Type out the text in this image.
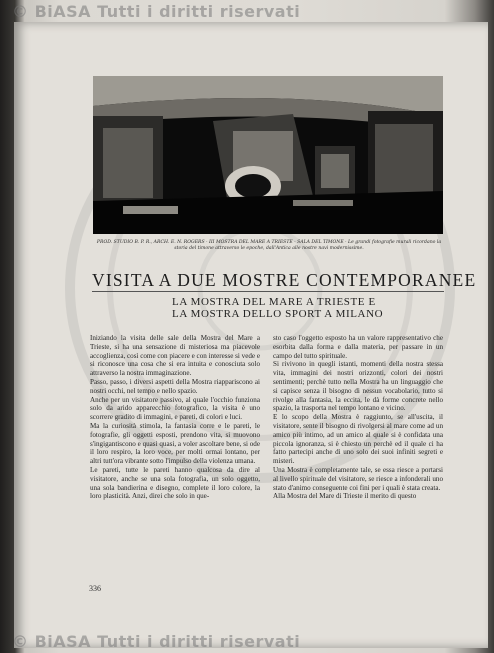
© BiASA Tutti i diritti riservati
PROD. STUDIO B. P. R., ARCH. E. N. ROGERS · III MOSTRA DEL MARE A TRIESTE · SALA DEL TIMONE · Le grandi fotografie murali ricordano la storia del timone attraverso le epoche, dall'Antica alle nostre navi modernissime.
VISITA A DUE MOSTRE CONTEMPORANEE
LA MOSTRA DEL MARE A TRIESTE E
LA MOSTRA DELLO SPORT A MILANO

Iniziando la visita delle sale della Mostra del Mare a Trieste, si ha una sensazione di misteriosa ma piacevole accoglienza, così come con piacere e con interesse si vede e si riconosce una cosa che si era intuita e conosciuta solo attraverso la nostra immaginazione.

Passo, passo, i diversi aspetti della Mostra riappariscono ai nostri occhi, nel tempo e nello spazio.

Anche per un visitatore passivo, al quale l'occhio funziona solo da arido apparecchio fotografico, la visita è uno scorrere gradito di immagini, e pareti, di colori e luci.

Ma la curiosità stimola, la fantasia corre e le pareti, le fotografie, gli oggetti esposti, prendono vita, si muovono s'ingigantiscono e quasi quasi, a voler ascoltare bene, si ode il loro respiro, la loro voce, per molti ormai lontano, per altri tutt'ora vibrante sotto l'impulso della violenza umana.

Le pareti, tutte le pareti hanno qualcosa da dire al visitatore, anche se una sola fotografia, un solo oggetto, una sola bandierina e disegno, complete il loro colore, la loro plasticità. Anzi, direi che solo in que-

sto caso l'oggetto esposto ha un valore rappresentativo che esorbita dalla forma e dalla materia, per passare in un campo del tutto spirituale.

Si rivivono in quegli istanti, momenti della nostra stessa vita, immagini dei nostri orizzonti, colori dei nostri sentimenti; perchè tutto nella Mostra ha un linguaggio che si capisce senza il bisogno di nessun vocabolario, tutto si rivolge alla fantasia, la eccita, le dà forme concrete nello spazio, la trasporta nel tempo lontano e vicino.

E lo scopo della Mostra è raggiunto, se all'uscita, il visitatore, sente il bisogno di rivolgersi al mare come ad un amico più intimo, ad un amico al quale si è confidata una piccola ignoranza, si è chiesto un perchè ed il quale ci ha fatto partecipi anche di uno solo dei suoi infiniti segreti e misteri.

Una Mostra è completamente tale, se essa riesce a portarsi al livello spirituale del visitatore, se riesce a infonderali uno stato d'animo conseguente coi fini per i quali è stata creata.

Alla Mostra del Mare di Trieste il merito di questo

336
© BiASA Tutti i diritti riservati
